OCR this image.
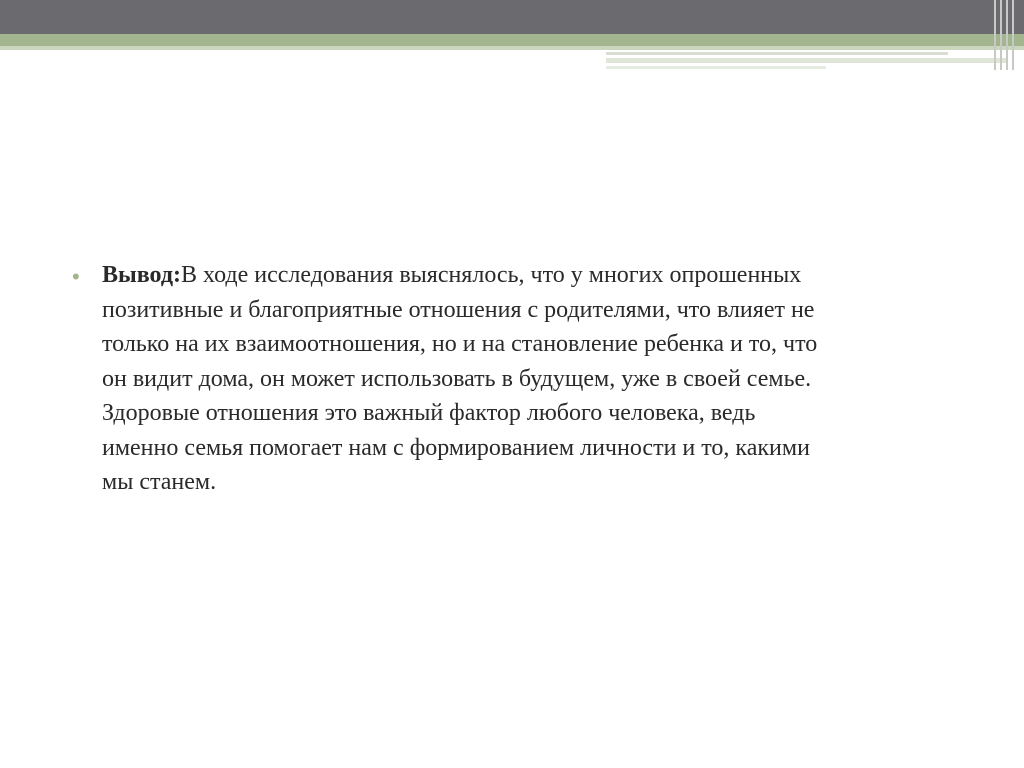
• Вывод:В ходе исследования выяснялось, что у многих опрошенных
позитивные и благоприятные отношения с родителями, что влияет не
только на их взаимоотношения, но и на становление ребенка и то, что
он видит дома, он может использовать в будущем, уже в своей семье.
Здоровые отношения это важный фактор любого человека, ведь
именно семья помогает нам с формированием личности и то, какими
мы станем.
